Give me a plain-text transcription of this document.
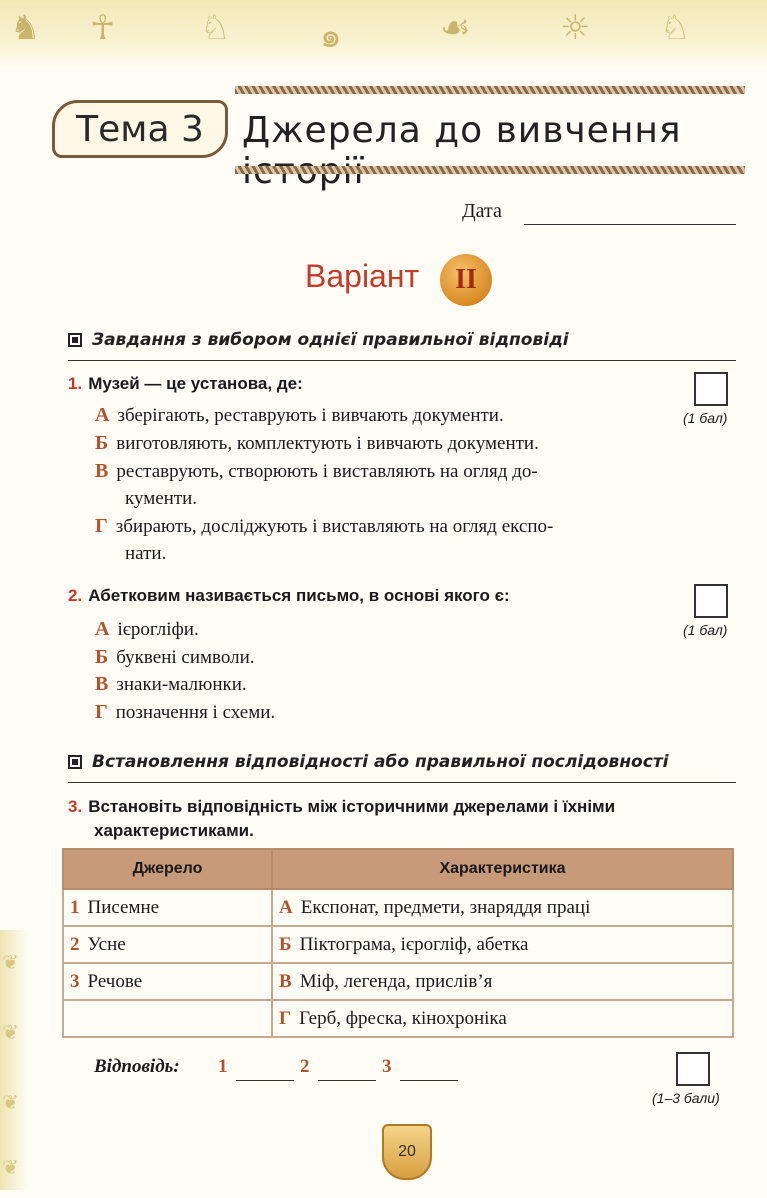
♞ ☥ ♘	๑	☙	☼ ♘
❦
❦
❦
❦
Тема 3 Джерела до вивчення
Дата
Варіант II
Завдання з вибором однієї правильної відповіді
1. Музей — це установа, де:
(1 бал)
А зберігають, реставрують і вивчають документи.
Б виготовляють, комплектують і вивчають документи.
В реставрують, створюють і виставляють на огляд до-
кументи.
Г збирають, досліджують і виставляють на огляд експо-
нати.
2. Абетковим називається письмо, в основі якого є:
(1 бал)
А ієрогліфи.
Б буквені символи.
В знаки-малюнки.
Г позначення і схеми.
Встановлення відповідності або правильної послідовності
3. Встановіть відповідність між історичними джерелами і їхніми
характеристиками.
Джерело	Характеристика
1 Писемне	А Експонат, предмети, знаряддя праці
2 Усне	Б Піктограма, ієрогліф, абетка
3 Речове	В Міф, легенда, прислів’я
	Г Герб, фреска, кінохроніка
Відповідь: 1	2	3
(1–3 бали)
20
